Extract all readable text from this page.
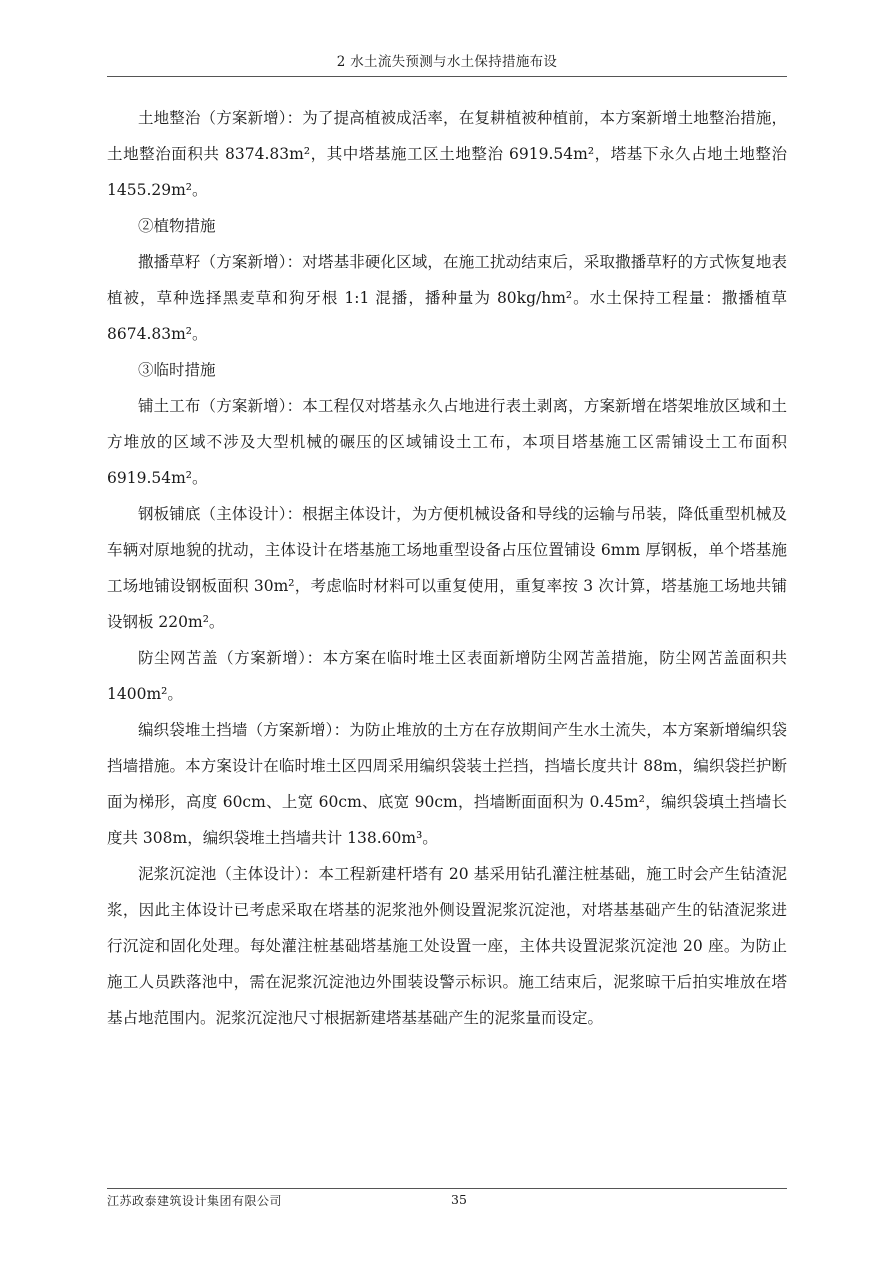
2 水土流失预测与水土保持措施布设

土地整治（方案新增）：为了提高植被成活率，在复耕植被种植前，本方案新增土地整治措施，土地整治面积共 8374.83m²，其中塔基施工区土地整治 6919.54m²，塔基下永久占地土地整治 1455.29m²。

②植物措施

撒播草籽（方案新增）：对塔基非硬化区域，在施工扰动结束后，采取撒播草籽的方式恢复地表植被，草种选择黑麦草和狗牙根 1:1 混播，播种量为 80kg/hm²。水土保持工程量：撒播植草 8674.83m²。

③临时措施

铺土工布（方案新增）：本工程仅对塔基永久占地进行表土剥离，方案新增在塔架堆放区域和土方堆放的区域不涉及大型机械的碾压的区域铺设土工布，本项目塔基施工区需铺设土工布面积 6919.54m²。

钢板铺底（主体设计）：根据主体设计，为方便机械设备和导线的运输与吊装，降低重型机械及车辆对原地貌的扰动，主体设计在塔基施工场地重型设备占压位置铺设 6mm 厚钢板，单个塔基施工场地铺设钢板面积 30m²，考虑临时材料可以重复使用，重复率按 3 次计算，塔基施工场地共铺设钢板 220m²。

防尘网苫盖（方案新增）：本方案在临时堆土区表面新增防尘网苫盖措施，防尘网苫盖面积共 1400m²。

编织袋堆土挡墙（方案新增）：为防止堆放的土方在存放期间产生水土流失，本方案新增编织袋挡墙措施。本方案设计在临时堆土区四周采用编织袋装土拦挡，挡墙长度共计 88m，编织袋拦护断面为梯形，高度 60cm、上宽 60cm、底宽 90cm，挡墙断面面积为 0.45m²，编织袋填土挡墙长度共 308m，编织袋堆土挡墙共计 138.60m³。

泥浆沉淀池（主体设计）：本工程新建杆塔有 20 基采用钻孔灌注桩基础，施工时会产生钻渣泥浆，因此主体设计已考虑采取在塔基的泥浆池外侧设置泥浆沉淀池，对塔基基础产生的钻渣泥浆进行沉淀和固化处理。每处灌注桩基础塔基施工处设置一座，主体共设置泥浆沉淀池 20 座。为防止施工人员跌落池中，需在泥浆沉淀池边外围装设警示标识。施工结束后，泥浆晾干后拍实堆放在塔基占地范围内。泥浆沉淀池尺寸根据新建塔基基础产生的泥浆量而设定。

江苏政泰建筑设计集团有限公司	35
